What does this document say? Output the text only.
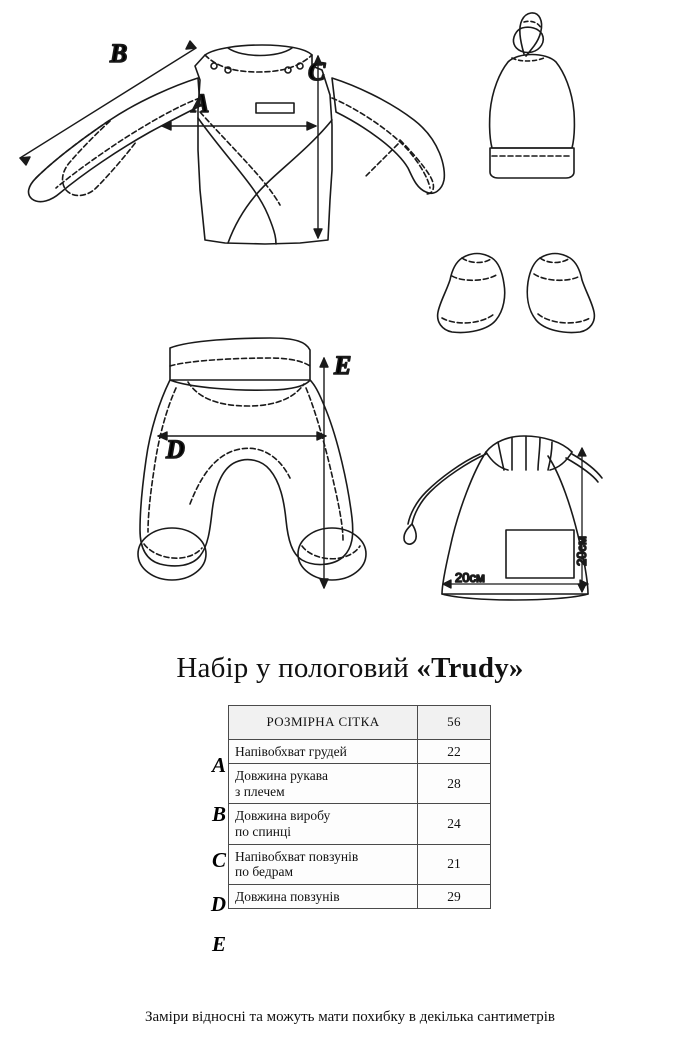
B
A
C
D
E
20см
20см
Набір у пологовий «Trudy»
A
B
C
D
E
РОЗМІРНА СІТКА	56
Напівобхват грудей	22

Довжина рукава
з плечем	28

Довжина виробу
по спинці	24

Напівобхват повзунів
по бедрам	21
Довжина повзунів	29
Заміри відносні та можуть мати похибку в декілька сантиметрів
